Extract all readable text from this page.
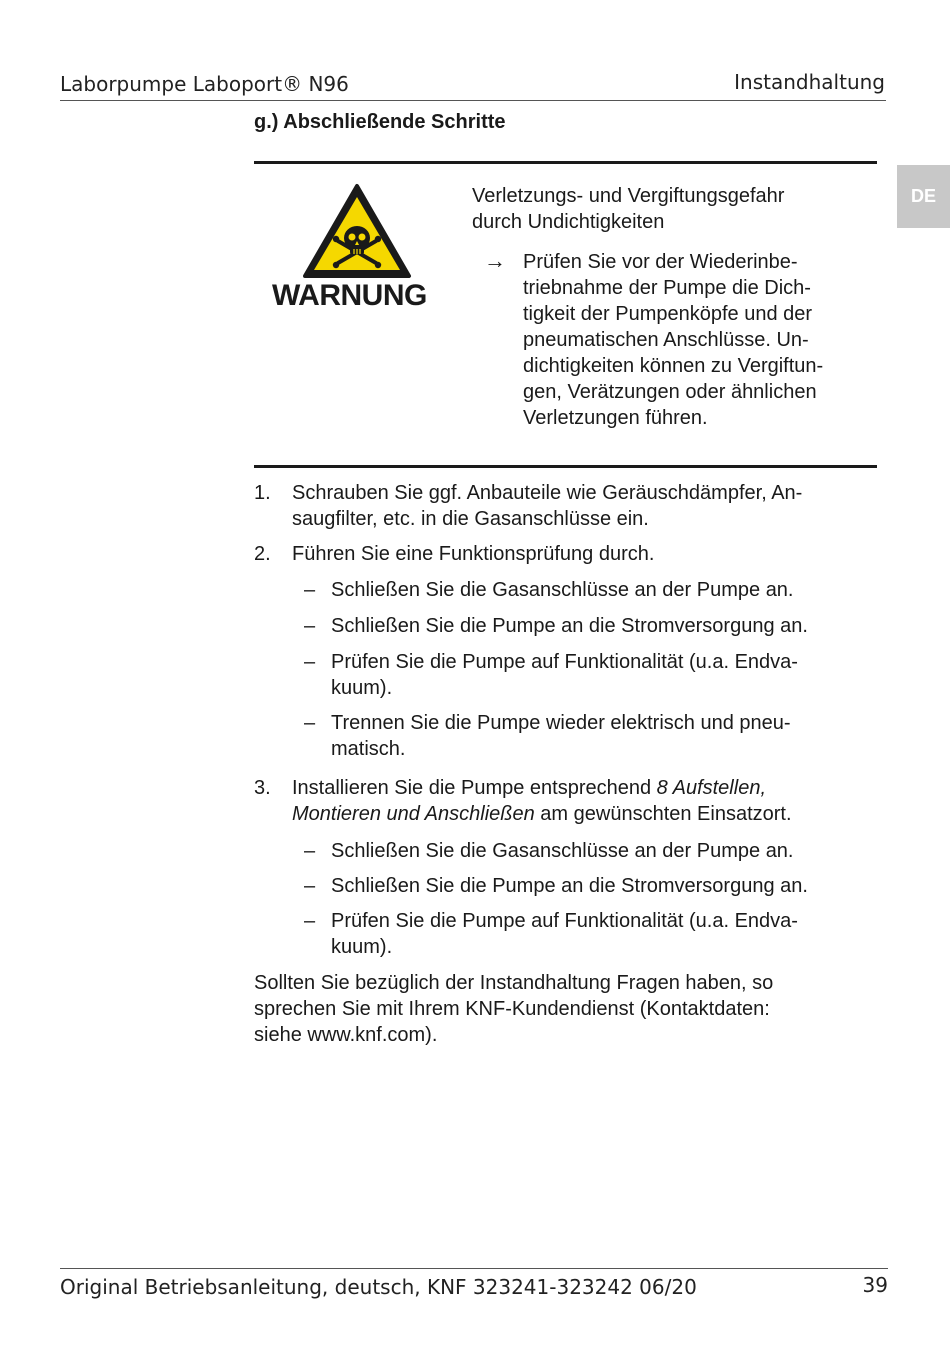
Laborpumpe Laboport® N96	Instandhaltung
DE
g.) Abschließende Schritte
WARNUNG
Verletzungs- und Vergiftungsgefahr
durch Undichtigkeiten
→ Prüfen Sie vor der Wiederinbe-
triebnahme der Pumpe die Dich-
tigkeit der Pumpenköpfe und der
pneumatischen Anschlüsse. Un-
dichtigkeiten können zu Vergiftun-
gen, Verätzungen oder ähnlichen
Verletzungen führen.
1. Schrauben Sie ggf. Anbauteile wie Geräuschdämpfer, An-
saugfilter, etc. in die Gasanschlüsse ein.
2. Führen Sie eine Funktionsprüfung durch.
– Schließen Sie die Gasanschlüsse an der Pumpe an.
– Schließen Sie die Pumpe an die Stromversorgung an.
– Prüfen Sie die Pumpe auf Funktionalität (u.a. Endva-
kuum).
– Trennen Sie die Pumpe wieder elektrisch und pneu-
matisch.
3. Installieren Sie die Pumpe entsprechend 8 Aufstellen,
Montieren und Anschließen am gewünschten Einsatzort.
– Schließen Sie die Gasanschlüsse an der Pumpe an.
– Schließen Sie die Pumpe an die Stromversorgung an.
– Prüfen Sie die Pumpe auf Funktionalität (u.a. Endva-
kuum).
Sollten Sie bezüglich der Instandhaltung Fragen haben, so
sprechen Sie mit Ihrem KNF-Kundendienst (Kontaktdaten:
siehe www.knf.com).
Original Betriebsanleitung, deutsch, KNF 323241-323242 06/20	39
